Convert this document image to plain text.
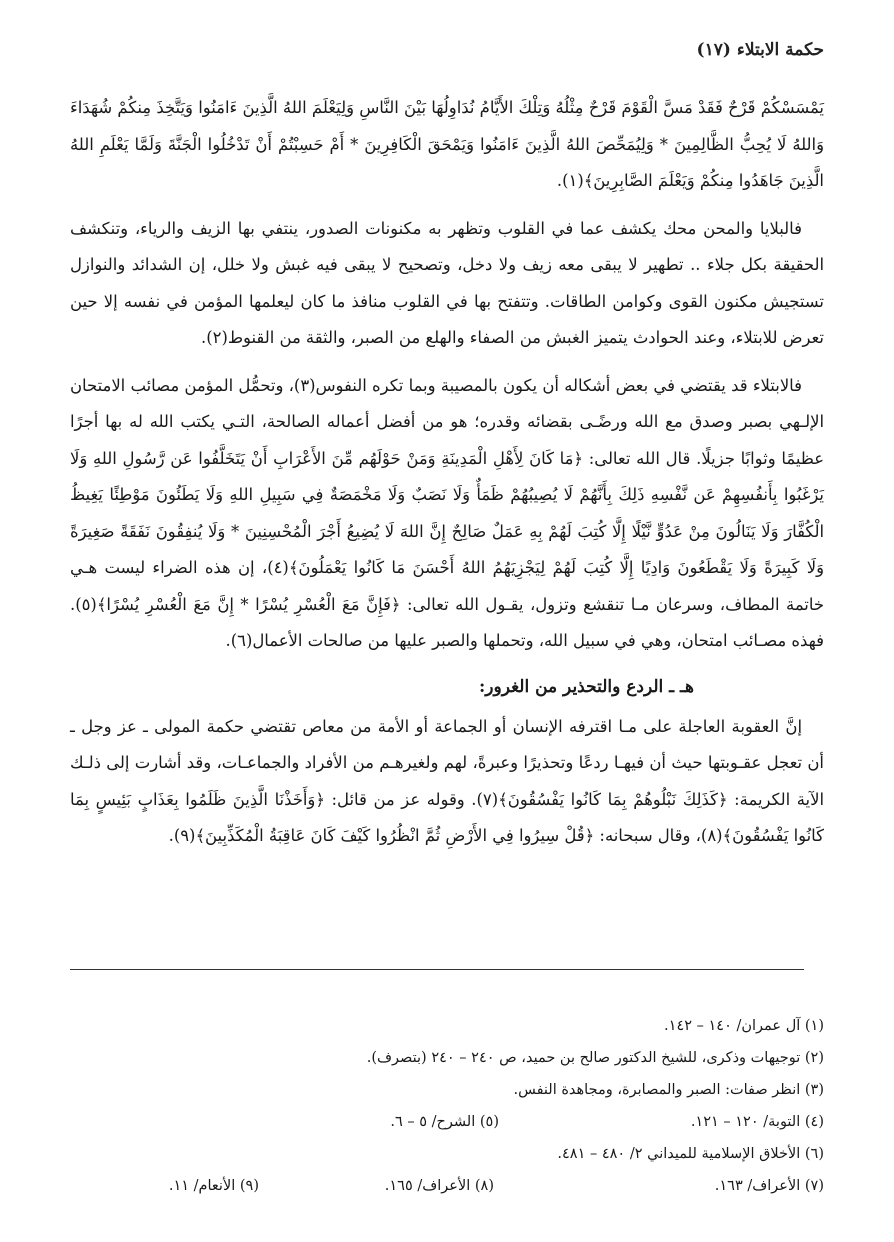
حكمة الابتلاء (١٧)

يَمْسَسْكُمْ قَرْحٌ فَقَدْ مَسَّ الْقَوْمَ قَرْحٌ مِثْلُهُ وَتِلْكَ الأَيَّامُ نُدَاوِلُهَا بَيْنَ النَّاسِ وَلِيَعْلَمَ اللهُ الَّذِينَ ءَامَنُوا وَيَتَّخِذَ مِنكُمْ شُهَدَاءَ وَاللهُ لَا يُحِبُّ الظَّالِمِينَ * وَلِيُمَحِّصَ اللهُ الَّذِينَ ءَامَنُوا وَيَمْحَقَ الْكَافِرِينَ * أَمْ حَسِبْتُمْ أَنْ تَدْخُلُوا الْجَنَّةَ وَلَمَّا يَعْلَمِ اللهُ الَّذِينَ جَاهَدُوا مِنكُمْ وَيَعْلَمَ الصَّابِرِينَ﴾(١).

فالبلايا والمحن محك يكشف عما في القلوب وتظهر به مكنونات الصدور، ينتفي بها الزيف والرياء، وتنكشف الحقيقة بكل جلاء .. تطهير لا يبقى معه زيف ولا دخل، وتصحيح لا يبقى فيه غبش ولا خلل، إن الشدائد والنوازل تستجيش مكنون القوى وكوامن الطاقات. وتتفتح بها في القلوب منافذ ما كان ليعلمها المؤمن في نفسه إلا حين تعرض للابتلاء، وعند الحوادث يتميز الغبش من الصفاء والهلع من الصبر، والثقة من القنوط(٢).

فالابتلاء قد يقتضي في بعض أشكاله أن يكون بالمصيبة وبما تكره النفوس(٣)، وتحمُّل المؤمن مصائب الامتحان الإلـهي بصبر وصدق مع الله ورضًـى بقضائه وقدره؛ هو من أفضل أعماله الصالحة، التـي يكتب الله له بها أجرًا عظيمًا وثوابًا جزيلًا. قال الله تعالى: ﴿مَا كَانَ لِأَهْلِ الْمَدِينَةِ وَمَنْ حَوْلَهُم مِّنَ الأَعْرَابِ أَنْ يَتَخَلَّفُوا عَن رَّسُولِ اللهِ وَلَا يَرْغَبُوا بِأَنفُسِهِمْ عَن نَّفْسِهِ ذَلِكَ بِأَنَّهُمْ لَا يُصِيبُهُمْ ظَمَأٌ وَلَا نَصَبٌ وَلَا مَخْمَصَةٌ فِي سَبِيلِ اللهِ وَلَا يَطَئُونَ مَوْطِئًا يَغِيظُ الْكُفَّارَ وَلَا يَنَالُونَ مِنْ عَدُوٍّ نَّيْلًا إِلَّا كُتِبَ لَهُمْ بِهِ عَمَلٌ صَالِحٌ إِنَّ اللهَ لَا يُضِيعُ أَجْرَ الْمُحْسِنِينَ * وَلَا يُنفِقُونَ نَفَقَةً صَغِيرَةً وَلَا كَبِيرَةً وَلَا يَقْطَعُونَ وَادِيًا إِلَّا كُتِبَ لَهُمْ لِيَجْزِيَهُمُ اللهُ أَحْسَنَ مَا كَانُوا يَعْمَلُونَ﴾(٤)، إن هذه الضراء ليست هـي خاتمة المطاف، وسرعان مـا تنقشع وتزول، يقـول الله تعالى: ﴿فَإِنَّ مَعَ الْعُسْرِ يُسْرًا * إِنَّ مَعَ الْعُسْرِ يُسْرًا﴾(٥). فهذه مصـائب امتحان، وهي في سبيل الله، وتحملها والصبر عليها من صالحات الأعمال(٦).

هـ ـ الردع والتحذير من الغرور:

إنَّ العقوبة العاجلة على مـا اقترفه الإنسان أو الجماعة أو الأمة من معاص تقتضي حكمة المولى ـ عز وجل ـ أن تعجل عقـوبتها حيث أن فيهـا ردعًا وتحذيرًا وعبرةً، لهم ولغيرهـم من الأفراد والجماعـات، وقد أشارت إلى ذلـك الآية الكريمة: ﴿كَذَلِكَ نَبْلُوهُمْ بِمَا كَانُوا يَفْسُقُونَ﴾(٧). وقوله عز من قائل: ﴿وَأَخَذْنَا الَّذِينَ ظَلَمُوا بِعَذَابٍ بَئِيسٍ بِمَا كَانُوا يَفْسُقُونَ﴾(٨)، وقال سبحانه: ﴿قُلْ سِيرُوا فِي الأَرْضِ ثُمَّ انْظُرُوا كَيْفَ كَانَ عَاقِبَةُ الْمُكَذِّبِينَ﴾(٩).

(١) آل عمران/ ١٤٠ – ١٤٢.
(٢) توجيهات وذكرى، للشيخ الدكتور صالح بن حميد، ص ٢٤٠ – ٢٤٠ (بتصرف).
(٣) انظر صفات: الصبر والمصابرة، ومجاهدة النفس.
(٤) التوبة/ ١٢٠ – ١٢١.
(٥) الشرح/ ٥ – ٦.
(٦) الأخلاق الإسلامية للميداني ٢/ ٤٨٠ – ٤٨١.
(٧) الأعراف/ ١٦٣.
(٨) الأعراف/ ١٦٥.
(٩) الأنعام/ ١١.
